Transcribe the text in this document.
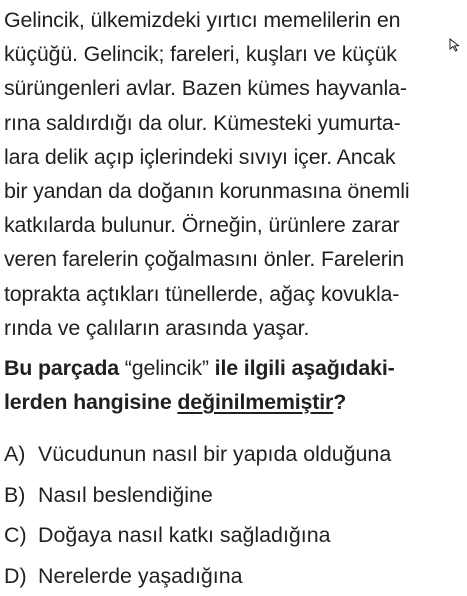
Gelincik, ülkemizdeki yırtıcı memelilerin en
küçüğü. Gelincik; fareleri, kuşları ve küçük
sürüngenleri avlar. Bazen kümes hayvanla-
rına saldırdığı da olur. Kümesteki yumurta-
lara delik açıp içlerindeki sıvıyı içer. Ancak
bir yandan da doğanın korunmasına önemli
katkılarda bulunur. Örneğin, ürünlere zarar
veren farelerin çoğalmasını önler. Farelerin
toprakta açtıkları tünellerde, ağaç kovukla-
rında ve çalıların arasında yaşar.
Bu parçada “gelincik” ile ilgili aşağıdaki-
lerden hangisine değinilmemiştir?
A) Vücudunun nasıl bir yapıda olduğuna
B) Nasıl beslendiğine
C) Doğaya nasıl katkı sağladığına
D) Nerelerde yaşadığına
